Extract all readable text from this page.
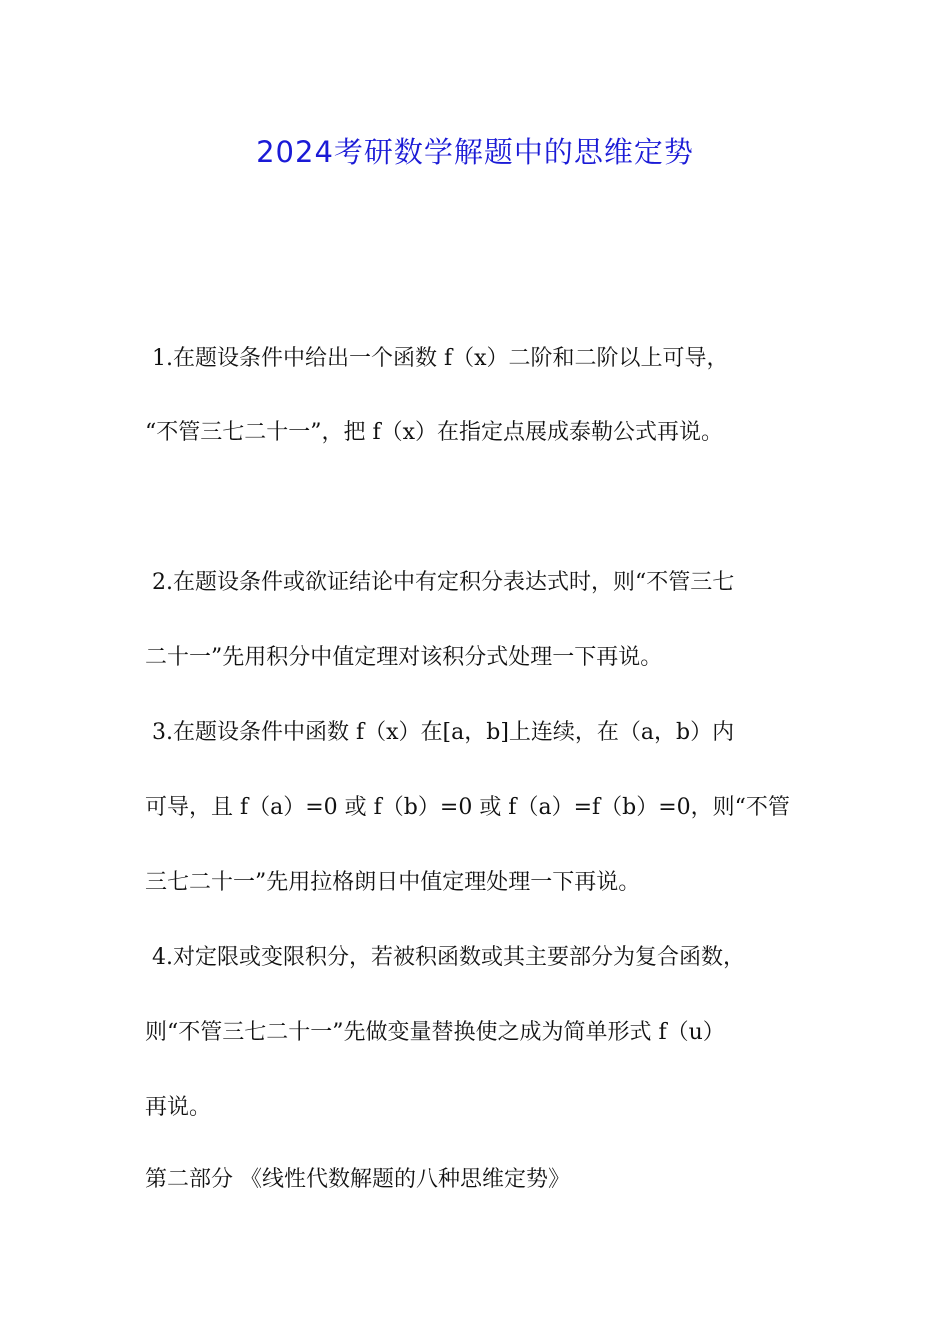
2024考研数学解题中的思维定势

1.在题设条件中给出一个函数 f（x）二阶和二阶以上可导，

“不管三七二十一”，把 f（x）在指定点展成泰勒公式再说。

2.在题设条件或欲证结论中有定积分表达式时，则“不管三七

二十一”先用积分中值定理对该积分式处理一下再说。

3.在题设条件中函数 f（x）在[a，b]上连续，在（a，b）内

可导，且 f（a）=0 或 f（b）=0 或 f（a）=f（b）=0，则“不管

三七二十一”先用拉格朗日中值定理处理一下再说。

4.对定限或变限积分，若被积函数或其主要部分为复合函数，

则“不管三七二十一”先做变量替换使之成为简单形式 f（u）

再说。

第二部分 《线性代数解题的八种思维定势》
